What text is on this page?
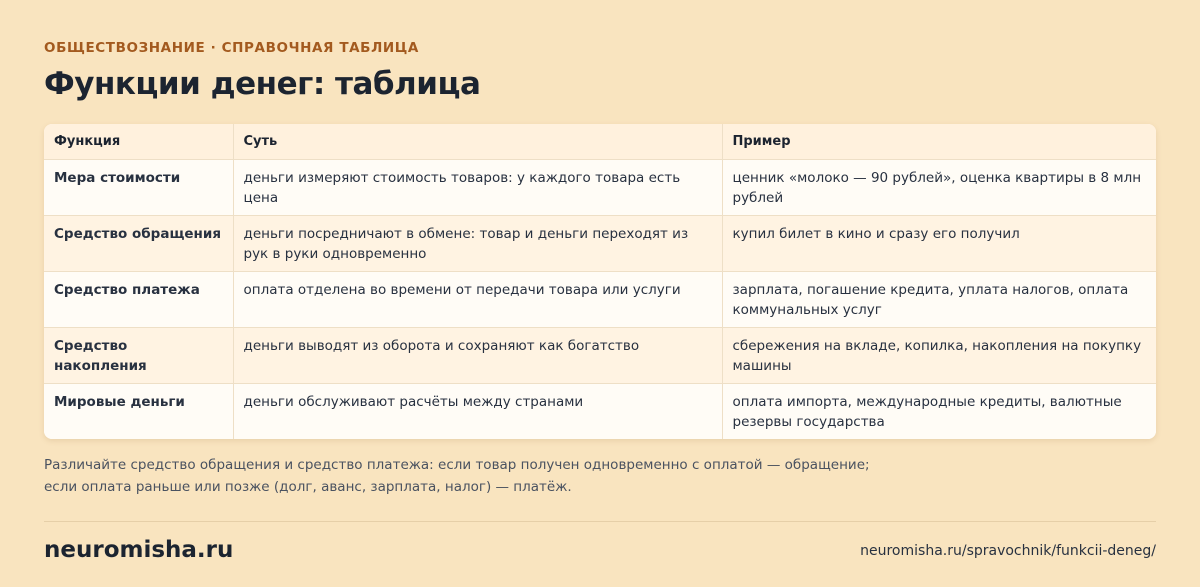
ОБЩЕСТВОЗНАНИЕ · СПРАВОЧНАЯ ТАБЛИЦА
Функции денег: таблица
Функция	Суть	Пример
Мера стоимости	деньги измеряют стоимость товаров: у каждого товара есть цена	ценник «молоко — 90 рублей», оценка квартиры в 8 млн рублей
Средство обращения	деньги посредничают в обмене: товар и деньги переходят из рук в руки одновременно	купил билет в кино и сразу его получил
Средство платежа	оплата отделена во времени от передачи товара или услуги	зарплата, погашение кредита, уплата налогов, оплата коммунальных услуг
Средство накопления	деньги выводят из оборота и сохраняют как богатство	сбережения на вкладе, копилка, накопления на покупку машины
Мировые деньги	деньги обслуживают расчёты между странами	оплата импорта, международные кредиты, валютные резервы государства

Различайте средство обращения и средство платежа: если товар получен одновременно с оплатой — обращение; если оплата раньше или позже (долг, аванс, зарплата, налог) — платёж.

neuromisha.ru	neuromisha.ru/spravochnik/funkcii-deneg/
